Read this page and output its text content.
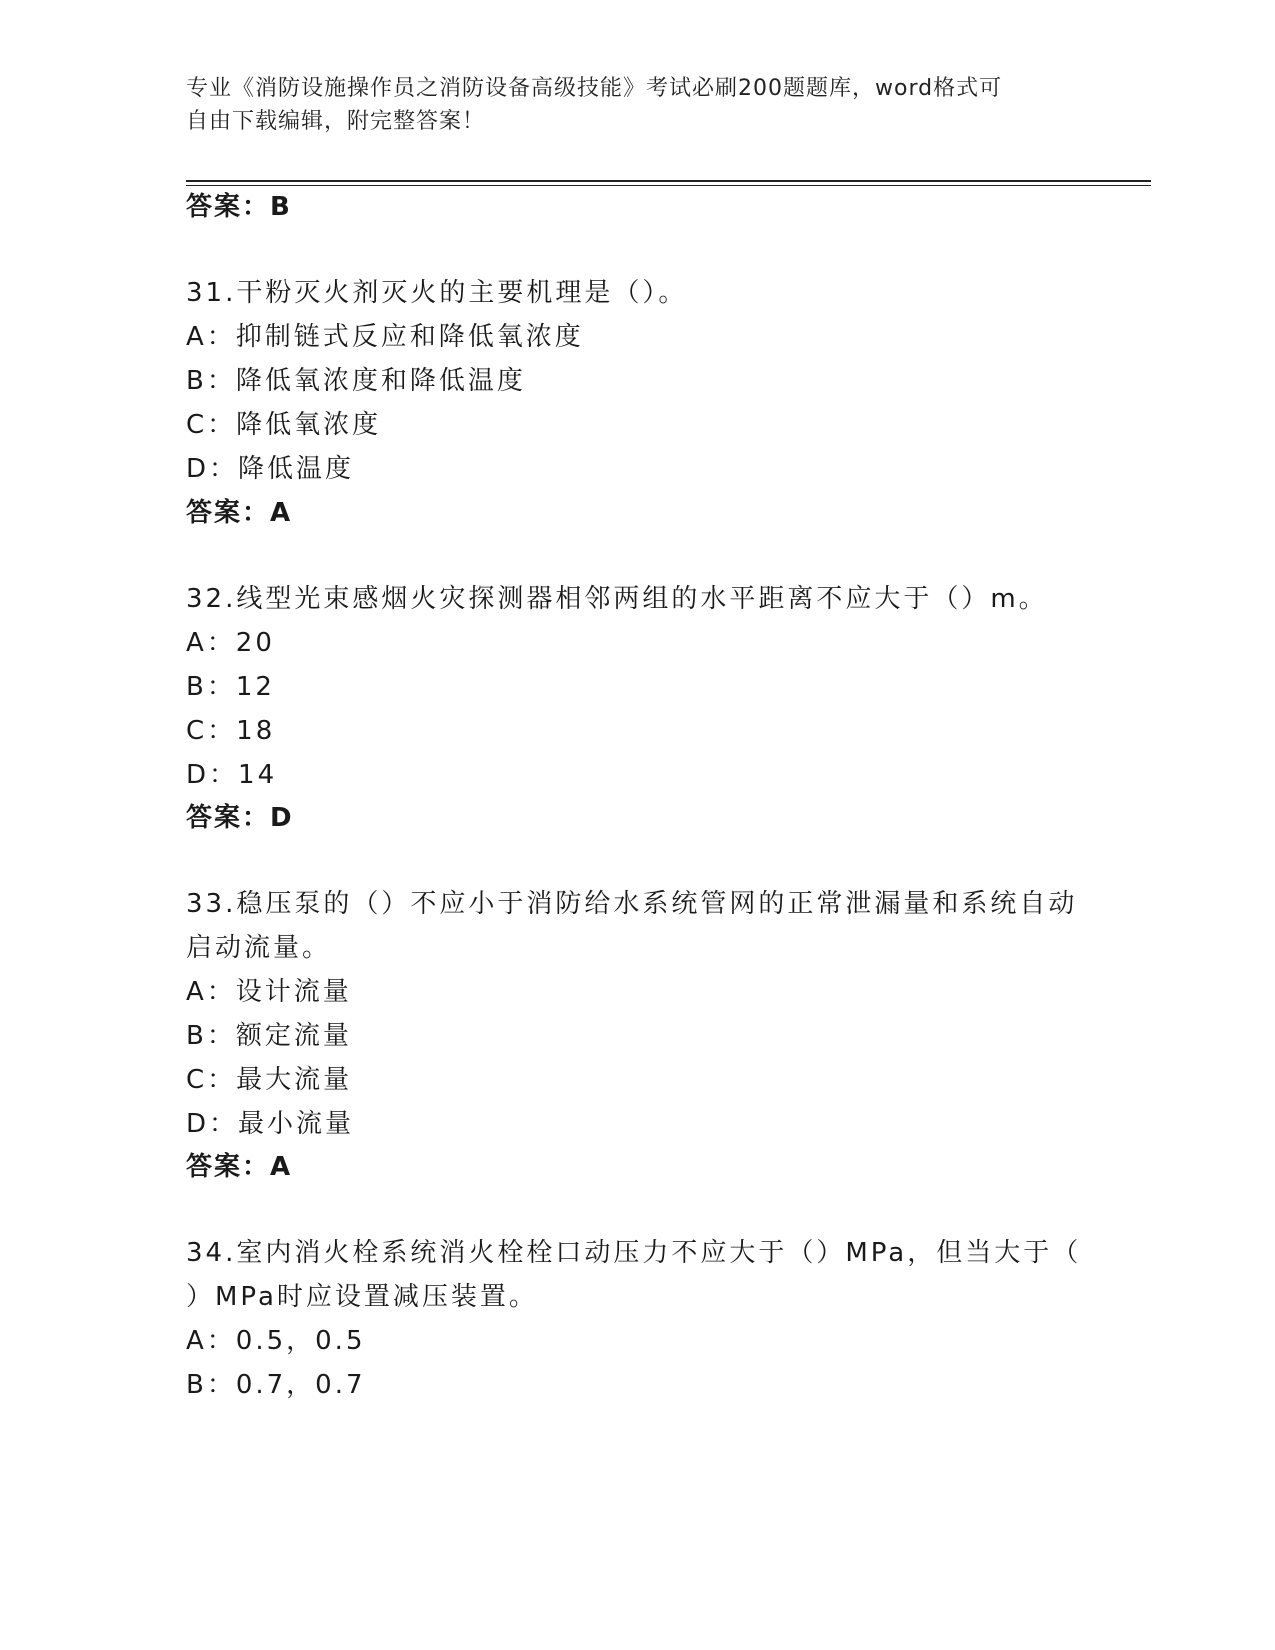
专业《消防设施操作员之消防设备高级技能》考试必刷200题题库，word格式可
自由下载编辑，附完整答案！
答案：B
31.干粉灭火剂灭火的主要机理是（）。
A：抑制链式反应和降低氧浓度
B：降低氧浓度和降低温度
C：降低氧浓度
D：降低温度
答案：A
32.线型光束感烟火灾探测器相邻两组的水平距离不应大于（）m。
A：20
B：12
C：18
D：14
答案：D
33.稳压泵的（）不应小于消防给水系统管网的正常泄漏量和系统自动
启动流量。
A：设计流量
B：额定流量
C：最大流量
D：最小流量
答案：A
34.室内消火栓系统消火栓栓口动压力不应大于（）MPa，但当大于（
）MPa时应设置减压装置。
A：0.5，0.5
B：0.7，0.7
